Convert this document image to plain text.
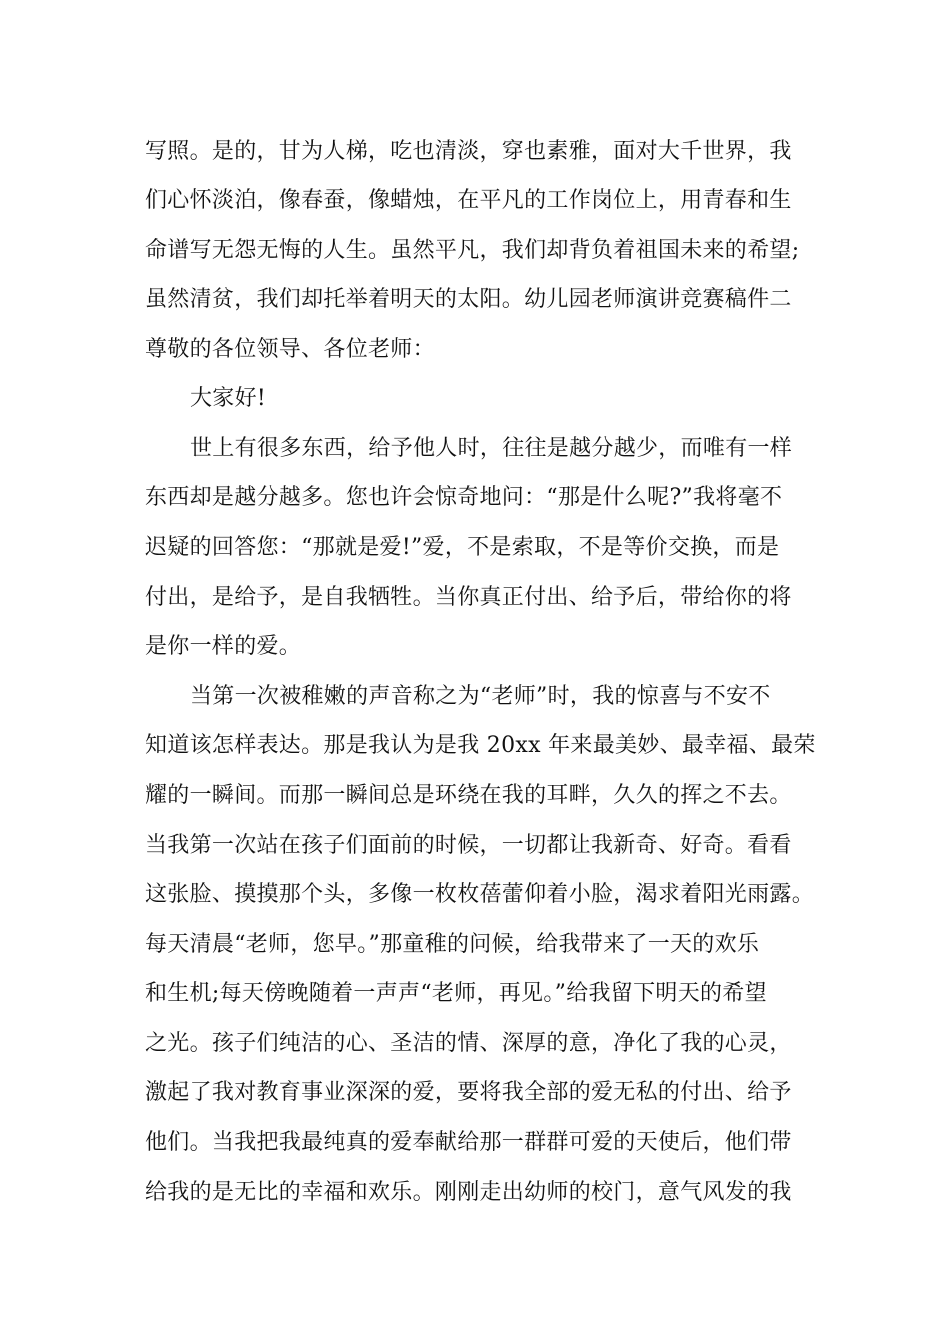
写照。是的，甘为人梯，吃也清淡，穿也素雅，面对大千世界，我
们心怀淡泊，像春蚕，像蜡烛，在平凡的工作岗位上，用青春和生
命谱写无怨无悔的人生。虽然平凡，我们却背负着祖国未来的希望;
虽然清贫，我们却托举着明天的太阳。幼儿园老师演讲竞赛稿件二
尊敬的各位领导、各位老师：
大家好!
世上有很多东西，给予他人时，往往是越分越少，而唯有一样
东西却是越分越多。您也许会惊奇地问：“那是什么呢?”我将毫不
迟疑的回答您：“那就是爱!”爱，不是索取，不是等价交换，而是
付出，是给予，是自我牺牲。当你真正付出、给予后，带给你的将
是你一样的爱。
当第一次被稚嫩的声音称之为“老师”时，我的惊喜与不安不
知道该怎样表达。那是我认为是我 20xx 年来最美妙、最幸福、最荣
耀的一瞬间。而那一瞬间总是环绕在我的耳畔，久久的挥之不去。
当我第一次站在孩子们面前的时候，一切都让我新奇、好奇。看看
这张脸、摸摸那个头，多像一枚枚蓓蕾仰着小脸，渴求着阳光雨露。
每天清晨“老师，您早。”那童稚的问候，给我带来了一天的欢乐
和生机;每天傍晚随着一声声“老师，再见。”给我留下明天的希望
之光。孩子们纯洁的心、圣洁的情、深厚的意，净化了我的心灵，
激起了我对教育事业深深的爱，要将我全部的爱无私的付出、给予
他们。当我把我最纯真的爱奉献给那一群群可爱的天使后，他们带
给我的是无比的幸福和欢乐。刚刚走出幼师的校门，意气风发的我
